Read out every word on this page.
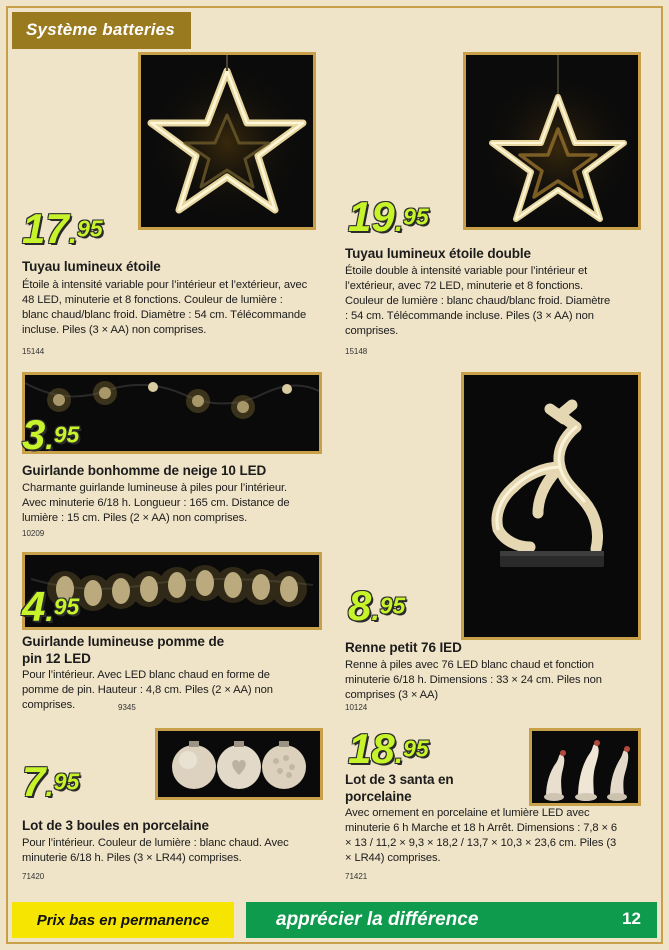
Système batteries
17.95
Tuyau lumineux étoile
Étoile à intensité variable pour l’intérieur et l’extérieur, avec 48 LED, minuterie et 8 fonctions. Couleur de lumière : blanc chaud/blanc froid. Diamètre : 54 cm. Télécommande incluse. Piles (3 × AA) non comprises.
15144
19.95
Tuyau lumineux étoile double
Étoile double à intensité variable pour l’intérieur et l’extérieur, avec 72 LED, minuterie et 8 fonctions. Couleur de lumière : blanc chaud/blanc froid. Diamètre : 54 cm. Télécommande incluse. Piles (3 × AA) non comprises.
15148
3.95
Guirlande bonhomme de neige 10 LED
Charmante guirlande lumineuse à piles pour l’intérieur. Avec minuterie 6/18 h. Longueur : 165 cm. Distance de lumière : 15 cm. Piles (2 × AA) non comprises.
10209
4.95
Guirlande lumineuse pomme de pin 12 LED
Pour l’intérieur. Avec LED blanc chaud en forme de pomme de pin. Hauteur : 4,8 cm. Piles (2 × AA) non comprises.	9345
8.95
Renne petit 76 IED
Renne à piles avec 76 LED blanc chaud et fonction minuterie 6/18 h. Dimensions : 33 × 24 cm. Piles non comprises (3 × AA)
10124
7.95
Lot de 3 boules en porcelaine
Pour l’intérieur. Couleur de lumière : blanc chaud. Avec minuterie 6/18 h. Piles (3 × LR44) comprises.
71420
18.95
Lot de 3 santa en porcelaine
Avec ornement en porcelaine et lumière LED avec minuterie 6 h Marche et 18 h Arrêt. Dimensions : 7,8 × 6 × 13 / 11,2 × 9,3 × 18,2 / 13,7 × 10,3 × 23,6 cm. Piles (3 × LR44) comprises.
71421
Prix bas en permanence	apprécier la différence	12
